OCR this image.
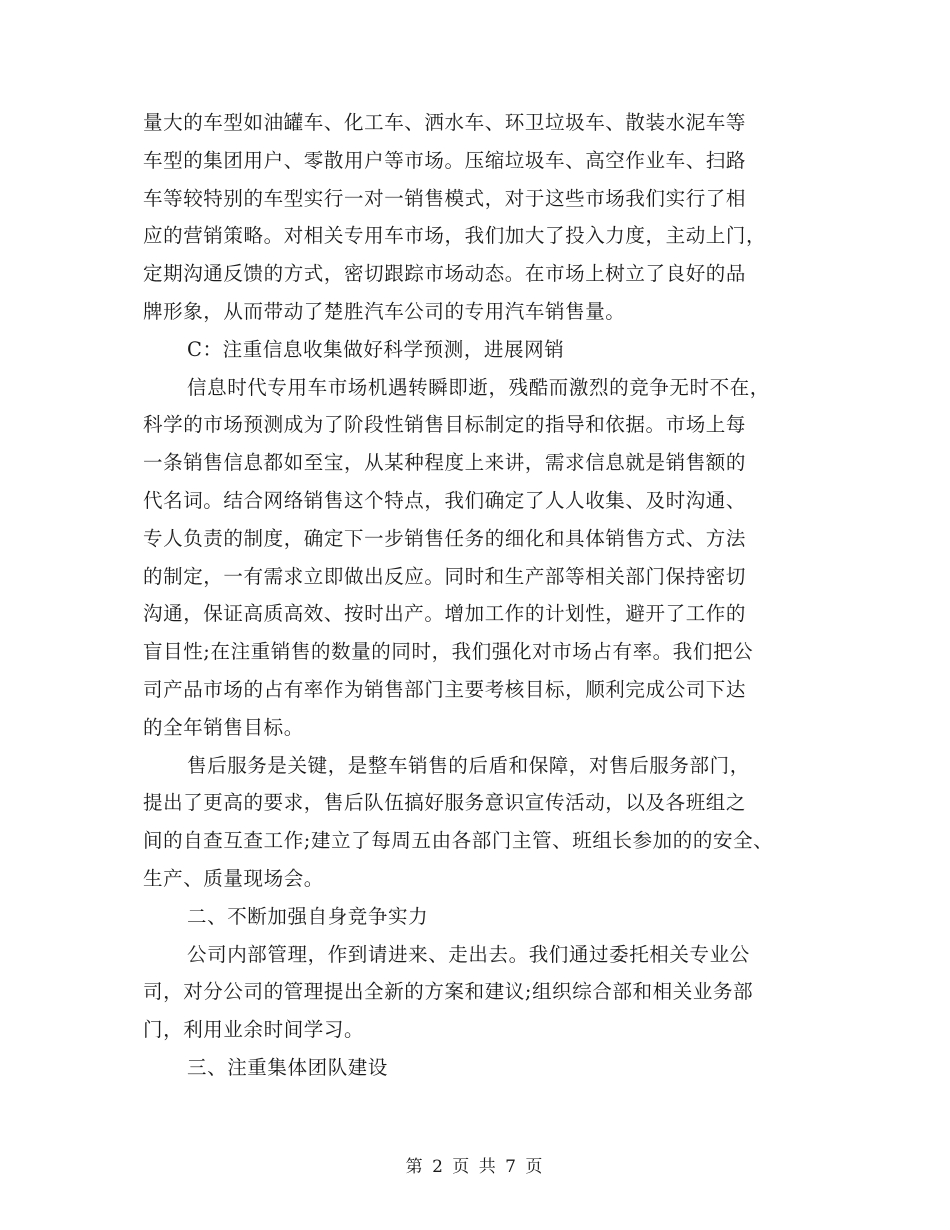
量大的车型如油罐车、化工车、洒水车、环卫垃圾车、散装水泥车等
车型的集团用户、零散用户等市场。压缩垃圾车、高空作业车、扫路
车等较特别的车型实行一对一销售模式，对于这些市场我们实行了相
应的营销策略。对相关专用车市场，我们加大了投入力度，主动上门，
定期沟通反馈的方式，密切跟踪市场动态。在市场上树立了良好的品
牌形象，从而带动了楚胜汽车公司的专用汽车销售量。
C：注重信息收集做好科学预测，进展网销
信息时代专用车市场机遇转瞬即逝，残酷而激烈的竞争无时不在，
科学的市场预测成为了阶段性销售目标制定的指导和依据。市场上每
一条销售信息都如至宝，从某种程度上来讲，需求信息就是销售额的
代名词。结合网络销售这个特点，我们确定了人人收集、及时沟通、
专人负责的制度，确定下一步销售任务的细化和具体销售方式、方法
的制定，一有需求立即做出反应。同时和生产部等相关部门保持密切
沟通，保证高质高效、按时出产。增加工作的计划性，避开了工作的
盲目性;在注重销售的数量的同时，我们强化对市场占有率。我们把公
司产品市场的占有率作为销售部门主要考核目标，顺利完成公司下达
的全年销售目标。
售后服务是关键，是整车销售的后盾和保障，对售后服务部门，
提出了更高的要求，售后队伍搞好服务意识宣传活动，以及各班组之
间的自查互查工作;建立了每周五由各部门主管、班组长参加的的安全、
生产、质量现场会。
二、不断加强自身竞争实力
公司内部管理，作到请进来、走出去。我们通过委托相关专业公
司，对分公司的管理提出全新的方案和建议;组织综合部和相关业务部
门，利用业余时间学习。
三、注重集体团队建设
第 2 页 共 7 页
